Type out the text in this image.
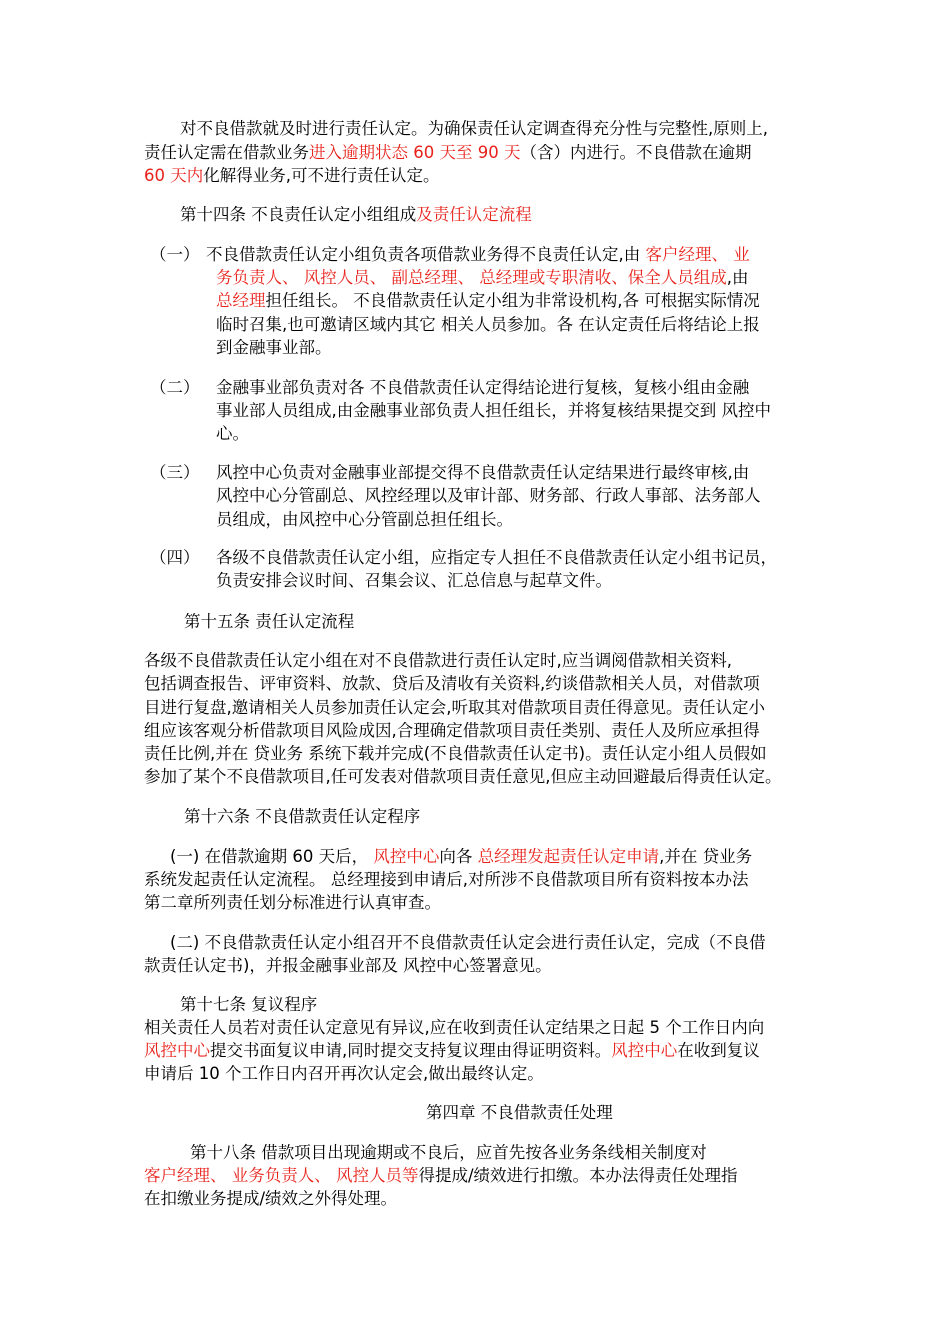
对不良借款就及时进行责任认定。为确保责任认定调查得充分性与完整性,原则上,
责任认定需在借款业务进入逾期状态 60 天至 90 天（含）内进行。不良借款在逾期
60 天内化解得业务,可不进行责任认定。
第十四条 不良责任认定小组组成及责任认定流程
（一） 不良借款责任认定小组负责各项借款业务得不良责任认定,由 客户经理、 业
务负责人、 风控人员、 副总经理、 总经理或专职清收、保全人员组成,由
总经理担任组长。 不良借款责任认定小组为非常设机构,各 可根据实际情况
临时召集,也可邀请区域内其它 相关人员参加。各 在认定责任后将结论上报
到金融事业部。
（二） 金融事业部负责对各 不良借款责任认定得结论进行复核，复核小组由金融
事业部人员组成,由金融事业部负责人担任组长，并将复核结果提交到 风控中
心。
（三） 风控中心负责对金融事业部提交得不良借款责任认定结果进行最终审核,由
风控中心分管副总、风控经理以及审计部、财务部、行政人事部、法务部人
员组成，由风控中心分管副总担任组长。
（四） 各级不良借款责任认定小组，应指定专人担任不良借款责任认定小组书记员，
负责安排会议时间、召集会议、汇总信息与起草文件。
第十五条 责任认定流程
各级不良借款责任认定小组在对不良借款进行责任认定时,应当调阅借款相关资料,
包括调查报告、评审资料、放款、贷后及清收有关资料,约谈借款相关人员，对借款项
目进行复盘,邀请相关人员参加责任认定会,听取其对借款项目责任得意见。责任认定小
组应该客观分析借款项目风险成因,合理确定借款项目责任类别、责任人及所应承担得
责任比例,并在 贷业务 系统下载并完成(不良借款责任认定书)。责任认定小组人员假如
参加了某个不良借款项目,任可发表对借款项目责任意见,但应主动回避最后得责任认定。
第十六条 不良借款责任认定程序
(一) 在借款逾期 60 天后， 风控中心向各 总经理发起责任认定申请,并在 贷业务
系统发起责任认定流程。 总经理接到申请后,对所涉不良借款项目所有资料按本办法
第二章所列责任划分标准进行认真审查。
(二) 不良借款责任认定小组召开不良借款责任认定会进行责任认定，完成（不良借
款责任认定书)，并报金融事业部及 风控中心签署意见。
第十七条 复议程序
相关责任人员若对责任认定意见有异议,应在收到责任认定结果之日起 5 个工作日内向
风控中心提交书面复议申请,同时提交支持复议理由得证明资料。风控中心在收到复议
申请后 10 个工作日内召开再次认定会,做出最终认定。
第四章 不良借款责任处理
第十八条 借款项目出现逾期或不良后，应首先按各业务条线相关制度对
客户经理、 业务负责人、 风控人员等得提成/绩效进行扣缴。本办法得责任处理指
在扣缴业务提成/绩效之外得处理。
